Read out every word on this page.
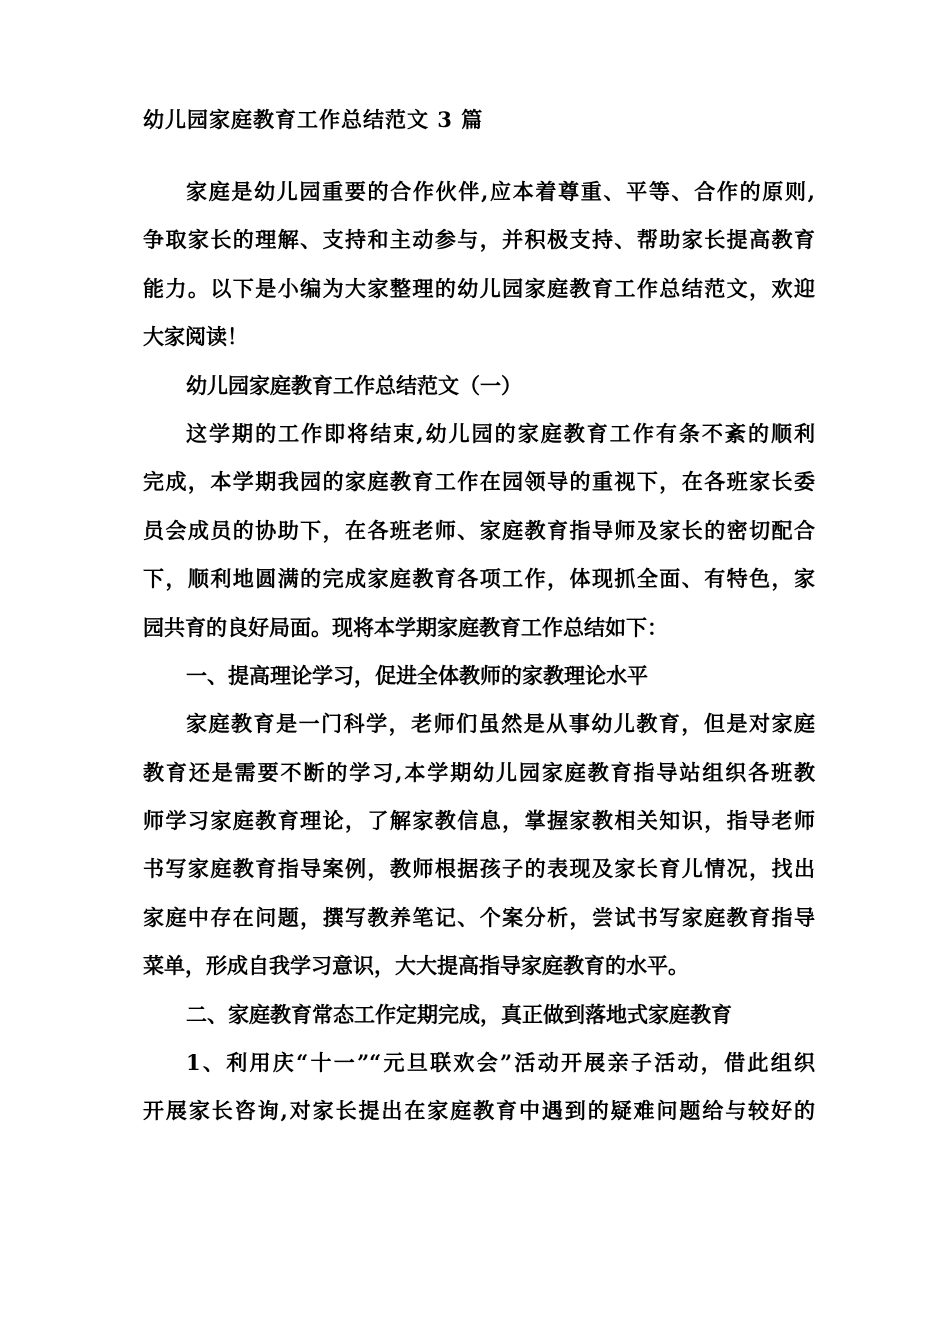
幼儿园家庭教育工作总结范文 3 篇
家庭是幼儿园重要的合作伙伴,应本着尊重、平等、合作的原则,
争取家长的理解、支持和主动参与，并积极支持、帮助家长提高教育
能力。以下是小编为大家整理的幼儿园家庭教育工作总结范文，欢迎
大家阅读！
幼儿园家庭教育工作总结范文（一）
这学期的工作即将结束,幼儿园的家庭教育工作有条不紊的顺利
完成，本学期我园的家庭教育工作在园领导的重视下，在各班家长委
员会成员的协助下，在各班老师、家庭教育指导师及家长的密切配合
下，顺利地圆满的完成家庭教育各项工作，体现抓全面、有特色，家
园共育的良好局面。现将本学期家庭教育工作总结如下：
一、提高理论学习，促进全体教师的家教理论水平
家庭教育是一门科学，老师们虽然是从事幼儿教育，但是对家庭
教育还是需要不断的学习,本学期幼儿园家庭教育指导站组织各班教
师学习家庭教育理论，了解家教信息，掌握家教相关知识，指导老师
书写家庭教育指导案例，教师根据孩子的表现及家长育儿情况，找出
家庭中存在问题，撰写教养笔记、个案分析，尝试书写家庭教育指导
菜单，形成自我学习意识，大大提高指导家庭教育的水平。
二、家庭教育常态工作定期完成，真正做到落地式家庭教育
1、利用庆“十一”“元旦联欢会”活动开展亲子活动，借此组织
开展家长咨询,对家长提出在家庭教育中遇到的疑难问题给与较好的
